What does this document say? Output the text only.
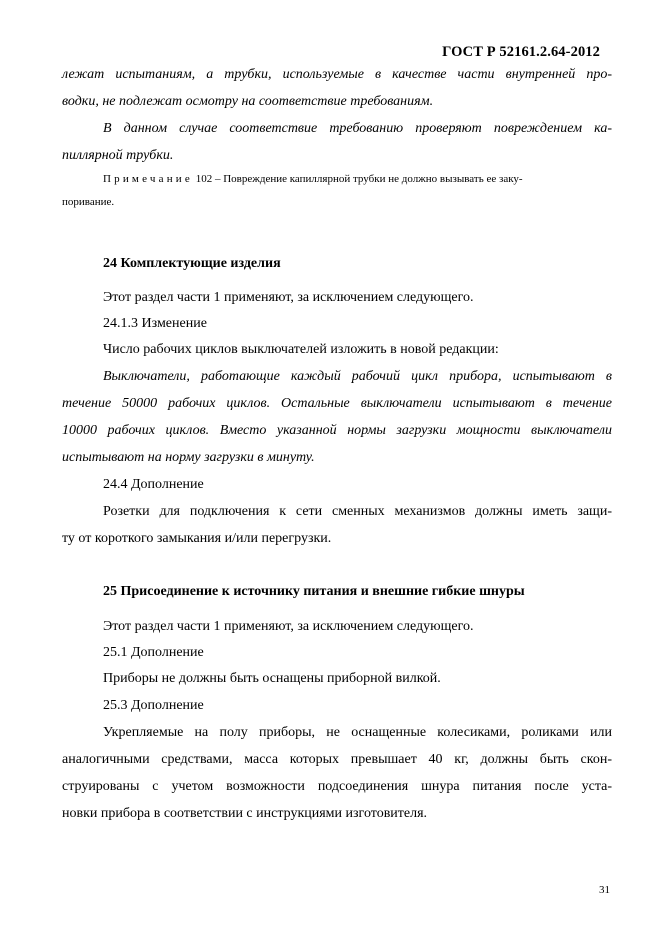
ГОСТ Р 52161.2.64-2012
лежат испытаниям, а трубки, используемые в качестве части внутренней про-
водки, не подлежат осмотру на соответствие требованиям.
В данном случае соответствие требованию проверяют повреждением ка-
пиллярной трубки.
Примечание 102 – Повреждение капиллярной трубки не должно вызывать ее заку-
поривание.
24 Комплектующие изделия
Этот раздел части 1 применяют, за исключением следующего.
24.1.3 Изменение
Число рабочих циклов выключателей изложить в новой редакции:
Выключатели, работающие каждый рабочий цикл прибора, испытывают в
течение 50000 рабочих циклов. Остальные выключатели испытывают в течение
10000 рабочих циклов. Вместо указанной нормы загрузки мощности выключатели
испытывают на норму загрузки в минуту.
24.4 Дополнение
Розетки для подключения к сети сменных механизмов должны иметь защи-
ту от короткого замыкания и/или перегрузки.
25 Присоединение к источнику питания и внешние гибкие шнуры
Этот раздел части 1 применяют, за исключением следующего.
25.1 Дополнение
Приборы не должны быть оснащены приборной вилкой.
25.3 Дополнение
Укрепляемые на полу приборы, не оснащенные колесиками, роликами или
аналогичными средствами, масса которых превышает 40 кг, должны быть скон-
струированы с учетом возможности подсоединения шнура питания после уста-
новки прибора в соответствии с инструкциями изготовителя.
31
